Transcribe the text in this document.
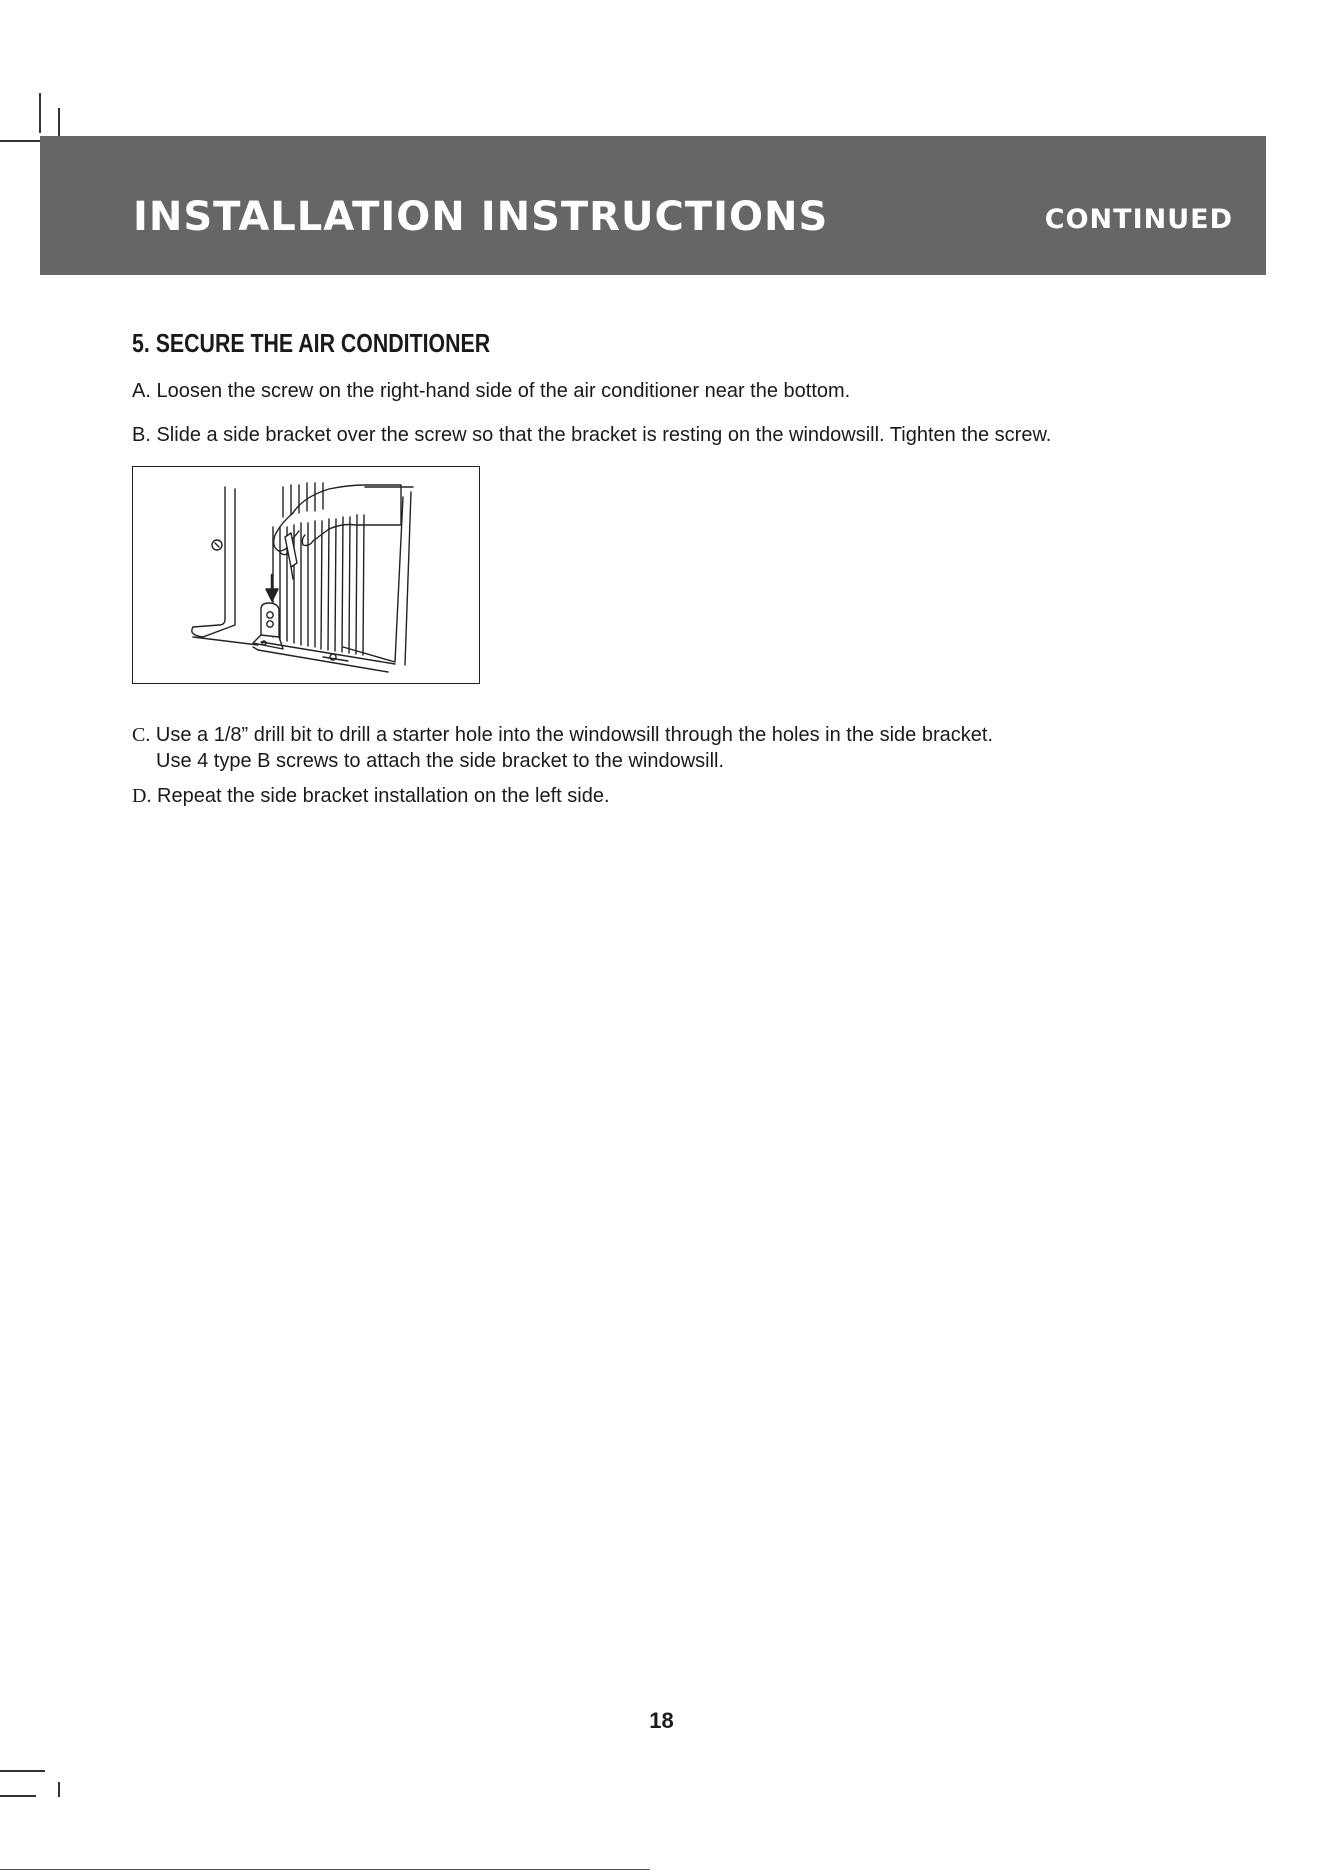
INSTALLATION INSTRUCTIONS	CONTINUED
5. SECURE THE AIR CONDITIONER

A. Loosen the screw on the right-hand side of the air conditioner near the bottom.

B. Slide a side bracket over the screw so that the bracket is resting on the windowsill. Tighten the screw.

C. Use a 1/8” drill bit to drill a starter hole into the windowsill through the holes in the side bracket.

Use 4 type B screws to attach the side bracket to the windowsill.

D. Repeat the side bracket installation on the left side.

18
